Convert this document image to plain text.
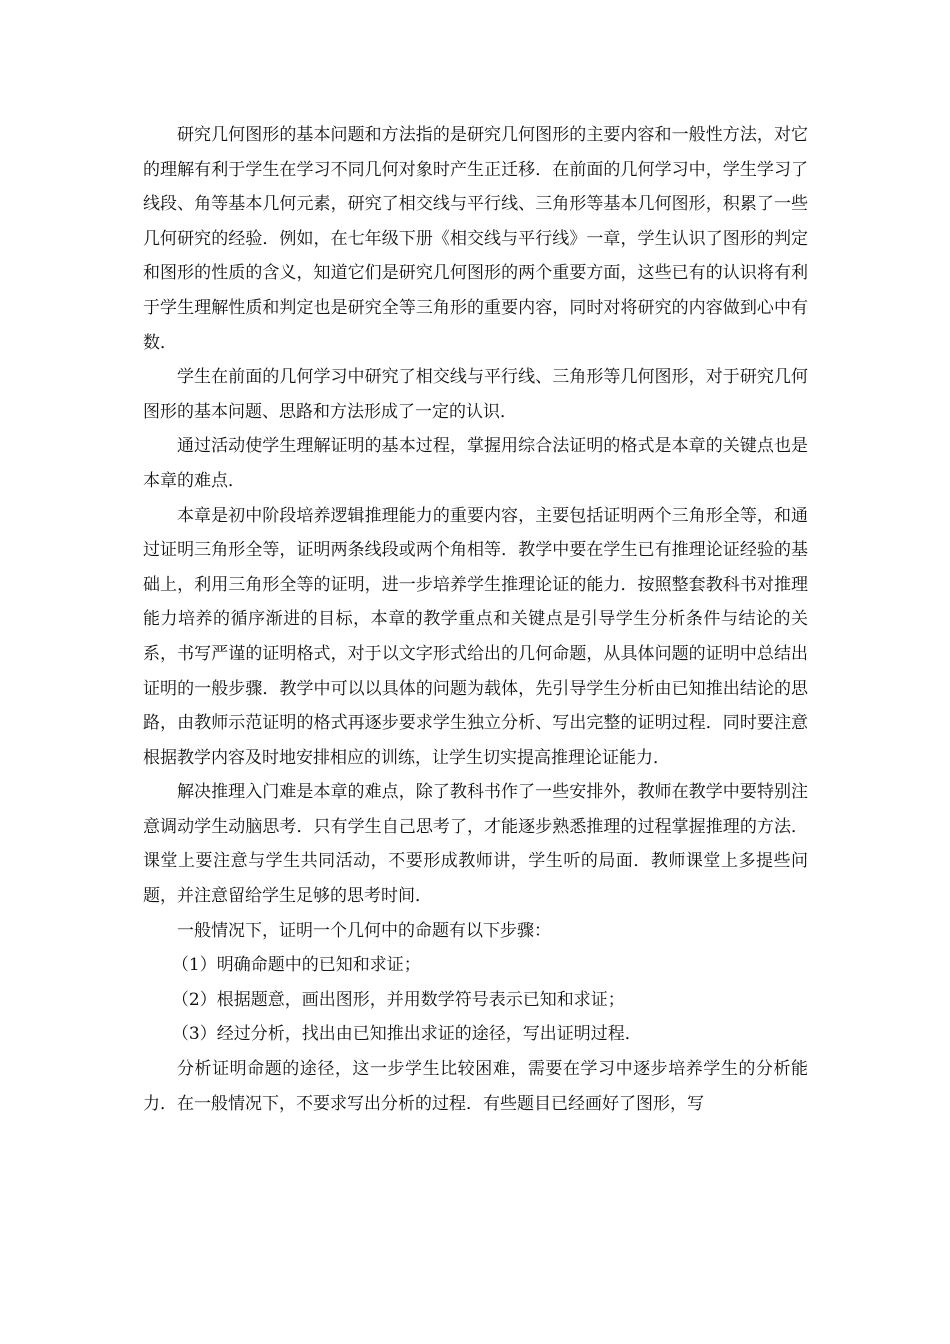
研究几何图形的基本问题和方法指的是研究几何图形的主要内容和一般性方法，对它的理解有利于学生在学习不同几何对象时产生正迁移．在前面的几何学习中，学生学习了线段、角等基本几何元素，研究了相交线与平行线、三角形等基本几何图形，积累了一些几何研究的经验．例如，在七年级下册《相交线与平行线》一章，学生认识了图形的判定和图形的性质的含义，知道它们是研究几何图形的两个重要方面，这些已有的认识将有利于学生理解性质和判定也是研究全等三角形的重要内容，同时对将研究的内容做到心中有数．

学生在前面的几何学习中研究了相交线与平行线、三角形等几何图形，对于研究几何图形的基本问题、思路和方法形成了一定的认识．

通过活动使学生理解证明的基本过程，掌握用综合法证明的格式是本章的关键点也是本章的难点．

本章是初中阶段培养逻辑推理能力的重要内容，主要包括证明两个三角形全等，和通过证明三角形全等，证明两条线段或两个角相等．教学中要在学生已有推理论证经验的基础上，利用三角形全等的证明，进一步培养学生推理论证的能力．按照整套教科书对推理能力培养的循序渐进的目标，本章的教学重点和关键点是引导学生分析条件与结论的关系，书写严谨的证明格式，对于以文字形式给出的几何命题，从具体问题的证明中总结出证明的一般步骤．教学中可以以具体的问题为载体，先引导学生分析由已知推出结论的思路，由教师示范证明的格式再逐步要求学生独立分析、写出完整的证明过程．同时要注意根据教学内容及时地安排相应的训练，让学生切实提高推理论证能力．

解决推理入门难是本章的难点，除了教科书作了一些安排外，教师在教学中要特别注意调动学生动脑思考．只有学生自己思考了，才能逐步熟悉推理的过程掌握推理的方法．课堂上要注意与学生共同活动，不要形成教师讲，学生听的局面．教师课堂上多提些问题，并注意留给学生足够的思考时间．

一般情况下，证明一个几何中的命题有以下步骤：

（1）明确命题中的已知和求证；

（2）根据题意，画出图形，并用数学符号表示已知和求证；

（3）经过分析，找出由已知推出求证的途径，写出证明过程．

分析证明命题的途径，这一步学生比较困难，需要在学习中逐步培养学生的分析能力．在一般情况下，不要求写出分析的过程．有些题目已经画好了图形，写
